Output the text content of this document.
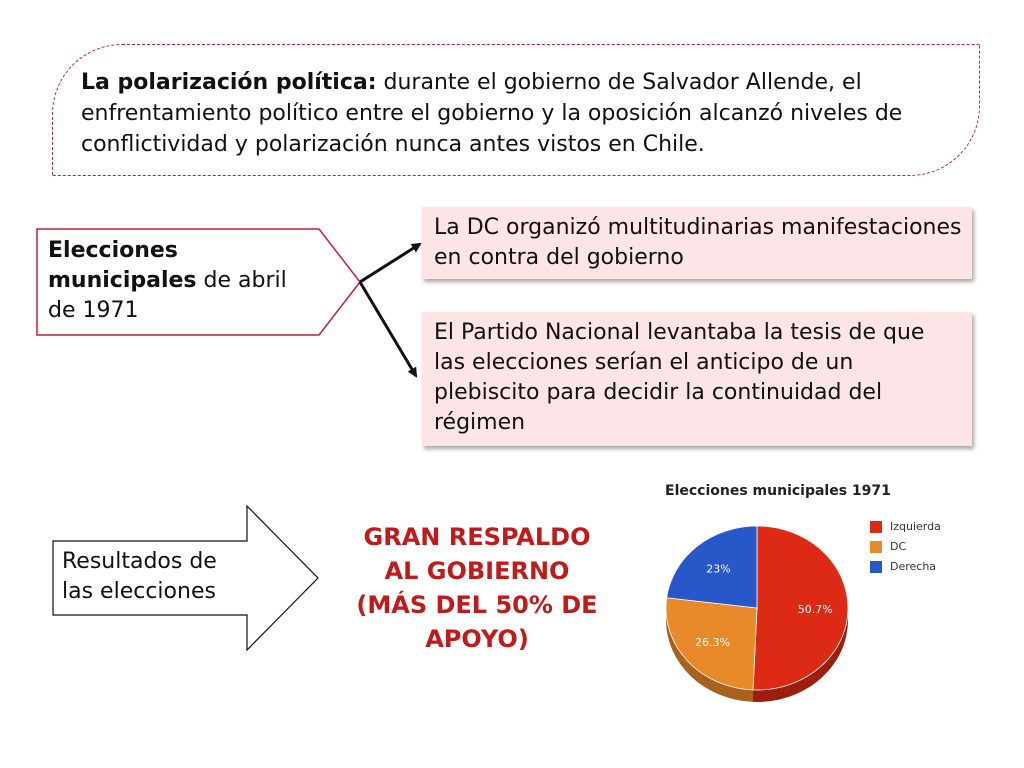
La polarización política: durante el gobierno de Salvador Allende, el enfrentamiento político entre el gobierno y la oposición alcanzó niveles de conflictividad y polarización nunca antes vistos en Chile.
Elecciones municipales de abril de 1971
La DC organizó multitudinarias manifestaciones en contra del gobierno
El Partido Nacional levantaba la tesis de que las elecciones serían el anticipo de un plebiscito para decidir la continuidad del régimen
Resultados de las elecciones
GRAN RESPALDO AL GOBIERNO (MÁS DEL 50% DE APOYO)
Elecciones municipales 1971
50.7%
26.3%
23%
Izquierda
DC
Derecha
